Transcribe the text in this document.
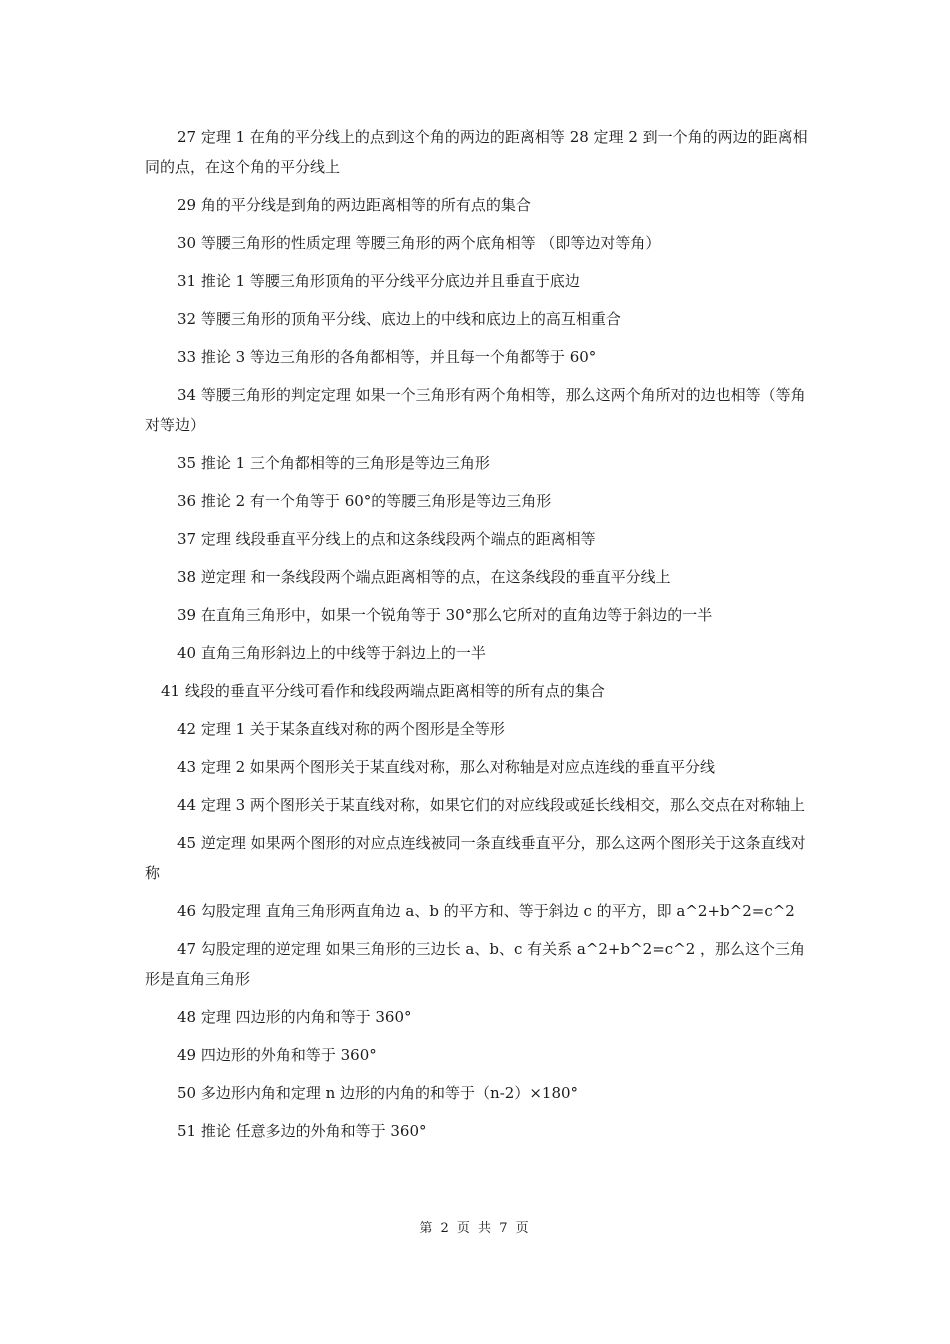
27 定理 1 在角的平分线上的点到这个角的两边的距离相等 28 定理 2 到一个角的两边的距离相同的点，在这个角的平分线上

29 角的平分线是到角的两边距离相等的所有点的集合

30 等腰三角形的性质定理 等腰三角形的两个底角相等 （即等边对等角）

31 推论 1 等腰三角形顶角的平分线平分底边并且垂直于底边

32 等腰三角形的顶角平分线、底边上的中线和底边上的高互相重合

33 推论 3 等边三角形的各角都相等，并且每一个角都等于 60°

34 等腰三角形的判定定理 如果一个三角形有两个角相等，那么这两个角所对的边也相等（等角对等边）

35 推论 1 三个角都相等的三角形是等边三角形

36 推论 2 有一个角等于 60°的等腰三角形是等边三角形

37 定理 线段垂直平分线上的点和这条线段两个端点的距离相等

38 逆定理 和一条线段两个端点距离相等的点，在这条线段的垂直平分线上

39 在直角三角形中，如果一个锐角等于 30°那么它所对的直角边等于斜边的一半

40 直角三角形斜边上的中线等于斜边上的一半

41 线段的垂直平分线可看作和线段两端点距离相等的所有点的集合

42 定理 1 关于某条直线对称的两个图形是全等形

43 定理 2 如果两个图形关于某直线对称，那么对称轴是对应点连线的垂直平分线

44 定理 3 两个图形关于某直线对称，如果它们的对应线段或延长线相交，那么交点在对称轴上

45 逆定理 如果两个图形的对应点连线被同一条直线垂直平分，那么这两个图形关于这条直线对称

46 勾股定理 直角三角形两直角边 a、b 的平方和、等于斜边 c 的平方，即 a^2+b^2=c^2

47 勾股定理的逆定理 如果三角形的三边长 a、b、c 有关系 a^2+b^2=c^2 ，那么这个三角形是直角三角形

48 定理 四边形的内角和等于 360°

49 四边形的外角和等于 360°

50 多边形内角和定理 n 边形的内角的和等于（n-2）×180°

51 推论 任意多边的外角和等于 360°

第 2 页 共 7 页
